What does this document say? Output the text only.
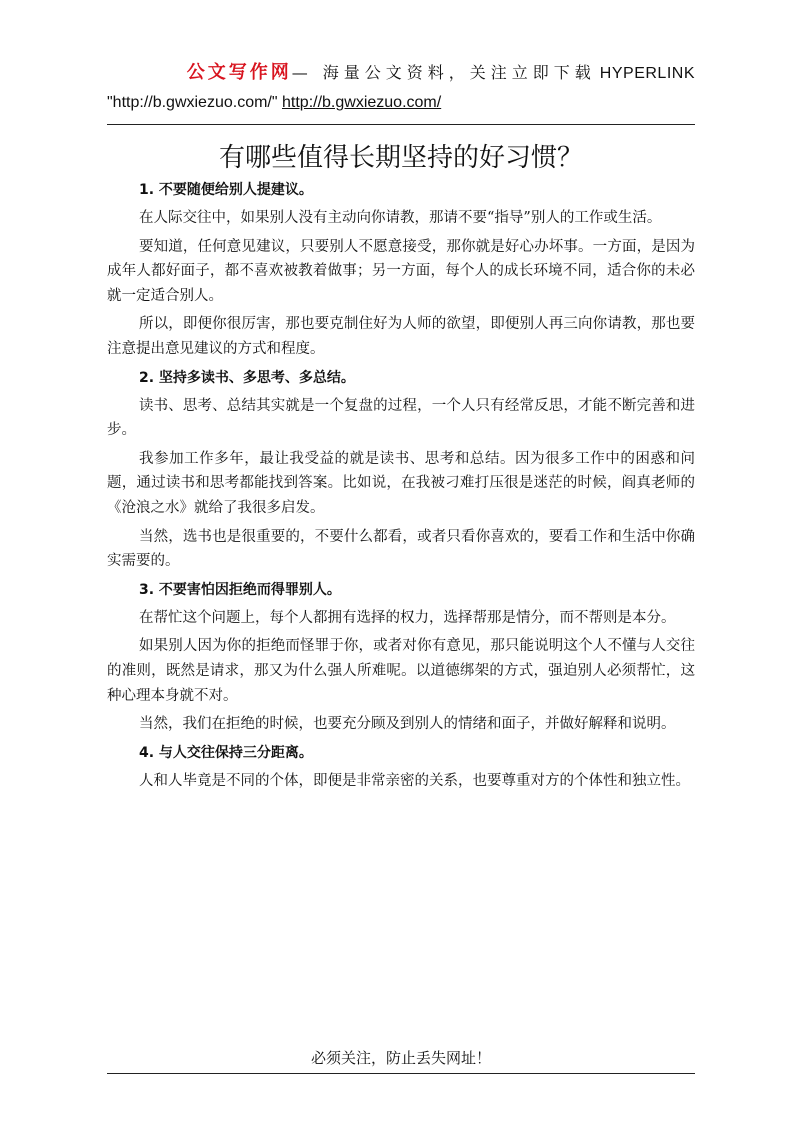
公文写作网— 海量公文资料，关注立即下载 HYPERLINK
"http://b.gwxiezuo.com/" http://b.gwxiezuo.com/
有哪些值得长期坚持的好习惯？

1. 不要随便给别人提建议。

在人际交往中，如果别人没有主动向你请教，那请不要“指导”别人的工作或生活。

要知道，任何意见建议，只要别人不愿意接受，那你就是好心办坏事。一方面，是因为成年人都好面子，都不喜欢被教着做事；另一方面，每个人的成长环境不同，适合你的未必就一定适合别人。

所以，即便你很厉害，那也要克制住好为人师的欲望，即便别人再三向你请教，那也要注意提出意见建议的方式和程度。

2. 坚持多读书、多思考、多总结。

读书、思考、总结其实就是一个复盘的过程，一个人只有经常反思，才能不断完善和进步。

我参加工作多年，最让我受益的就是读书、思考和总结。因为很多工作中的困惑和问题，通过读书和思考都能找到答案。比如说，在我被刁难打压很是迷茫的时候，阎真老师的《沧浪之水》就给了我很多启发。

当然，选书也是很重要的，不要什么都看，或者只看你喜欢的，要看工作和生活中你确实需要的。

3. 不要害怕因拒绝而得罪别人。

在帮忙这个问题上，每个人都拥有选择的权力，选择帮那是情分，而不帮则是本分。

如果别人因为你的拒绝而怪罪于你，或者对你有意见，那只能说明这个人不懂与人交往的准则，既然是请求，那又为什么强人所难呢。以道德绑架的方式，强迫别人必须帮忙，这种心理本身就不对。

当然，我们在拒绝的时候，也要充分顾及到别人的情绪和面子，并做好解释和说明。

4. 与人交往保持三分距离。

人和人毕竟是不同的个体，即便是非常亲密的关系，也要尊重对方的个体性和独立性。

必须关注，防止丢失网址！
